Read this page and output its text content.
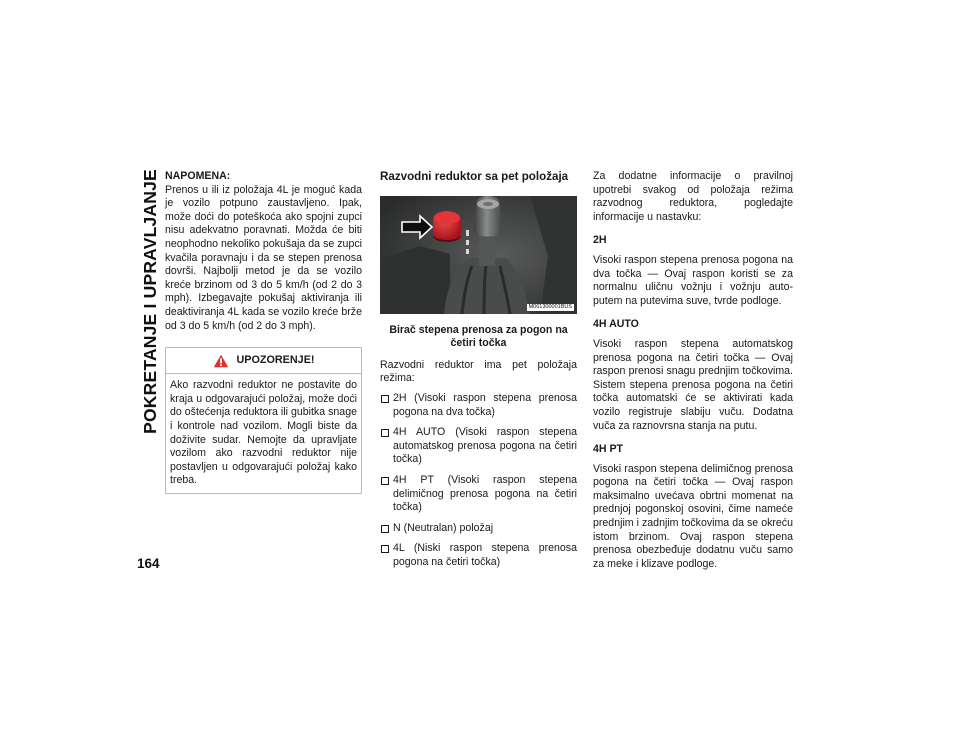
POKRETANJE I UPRAVLJANJE
164
NAPOMENA:

Prenos u ili iz položaja 4L je moguć kada je vozilo potpuno zaustavljeno. Ipak, može doći do poteškoća ako spojni zupci nisu adekvatno poravnati. Možda će biti neophodno nekoliko pokušaja da se zupci kvačila poravnaju i da se stepen prenosa dovrši. Najbolji metod je da se vozilo kreće brzinom od 3 do 5 km/h (od 2 do 3 mph). Izbegavajte pokušaj aktiviranja ili deaktiviranja 4L kada se vozilo kreće brže od 3 do 5 km/h (od 2 do 3 mph).

UPOZORENJE!

Ako razvodni reduktor ne postavite do kraja u odgovarajući položaj, može doći do oštećenja reduktora ili gubitka snage i kontrole nad vozilom. Mogli biste da doživite sudar. Nemojte da upravljate vozilom ako razvodni reduktor nije postavljen u odgovarajući položaj kako treba.

Razvodni reduktor sa pet položaja
M061300001BUS
Birač stepena prenosa za pogon na četiri točka

Razvodni reduktor ima pet položaja režima:

2H (Visoki raspon stepena prenosa pogona na dva točka)
4H AUTO (Visoki raspon stepena automatskog prenosa pogona na četiri točka)
4H PT (Visoki raspon stepena delimičnog prenosa pogona na četiri točka)
N (Neutralan) položaj
4L (Niski raspon stepena prenosa pogona na četiri točka)

Za dodatne informacije o pravilnoj upotrebi svakog od položaja režima razvodnog reduktora, pogledajte informacije u nastavku:

2H

Visoki raspon stepena prenosa pogona na dva točka — Ovaj raspon koristi se za normalnu uličnu vožnju i vožnju auto-putem na putevima suve, tvrde podloge.

4H AUTO

Visoki raspon stepena automatskog prenosa pogona na četiri točka — Ovaj raspon prenosi snagu prednjim točkovima. Sistem stepena prenosa pogona na četiri točka automatski će se aktivirati kada vozilo registruje slabiju vuču. Dodatna vuča za raznovrsna stanja na putu.

4H PT

Visoki raspon stepena delimičnog prenosa pogona na četiri točka — Ovaj raspon maksimalno uvećava obrtni momenat na prednjoj pogonskoj osovini, čime nameće prednjim i zadnjim točkovima da se okreću istom brzinom. Ovaj raspon stepena prenosa obezbeđuje dodatnu vuču samo za meke i klizave podloge.
